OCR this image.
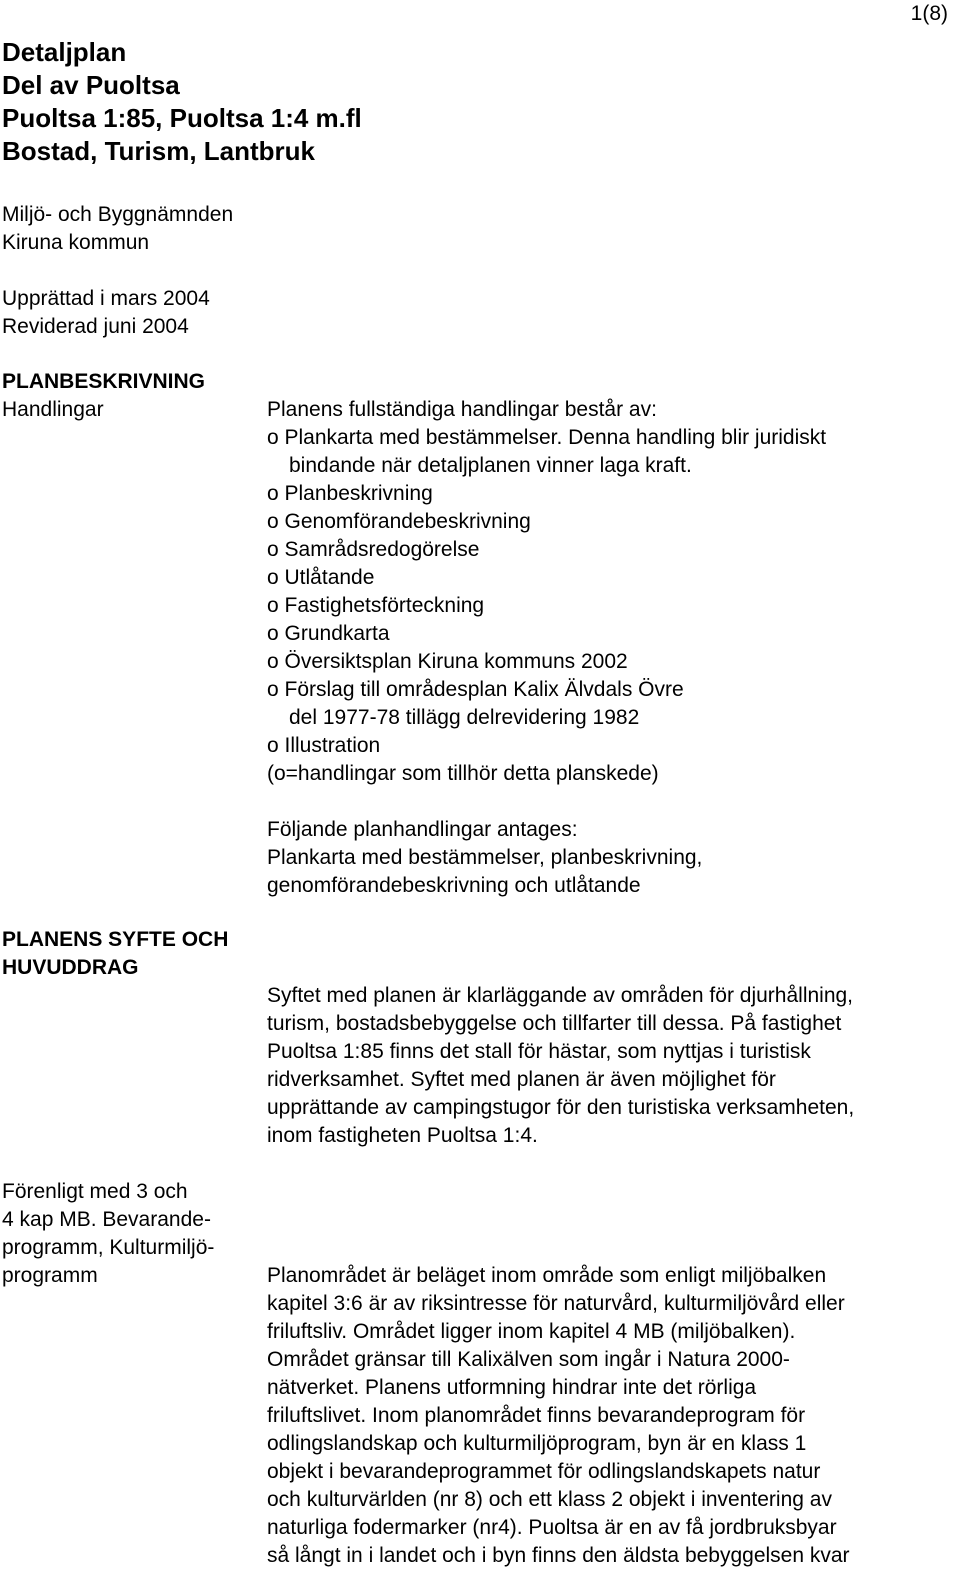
1(8)
Detaljplan
Del av Puoltsa
Puoltsa 1:85, Puoltsa 1:4 m.fl
Bostad, Turism, Lantbruk
Miljö- och Byggnämnden
Kiruna kommun
Upprättad i mars 2004
Reviderad juni 2004
PLANBESKRIVNING
Handlingar	Planens fullständiga handlingar består av:
o Plankarta med bestämmelser. Denna handling blir juridiskt
bindande när detaljplanen vinner laga kraft.
o Planbeskrivning
o Genomförandebeskrivning
o Samrådsredogörelse
o Utlåtande
o Fastighetsförteckning
o Grundkarta
o Översiktsplan Kiruna kommuns 2002
o Förslag till områdesplan Kalix Älvdals Övre
del 1977-78 tillägg delrevidering 1982
o Illustration
(o=handlingar som tillhör detta planskede)
Följande planhandlingar antages:
Plankarta med bestämmelser, planbeskrivning,
genomförandebeskrivning och utlåtande
PLANENS SYFTE OCH
HUVUDDRAG
Syftet med planen är klarläggande av områden för djurhållning,
turism, bostadsbebyggelse och tillfarter till dessa. På fastighet
Puoltsa 1:85 finns det stall för hästar, som nyttjas i turistisk
ridverksamhet. Syftet med planen är även möjlighet för
upprättande av campingstugor för den turistiska verksamheten,
inom fastigheten Puoltsa 1:4.
Förenligt med 3 och
4 kap MB. Bevarande-
programm, Kulturmiljö-
programm	Planområdet är beläget inom område som enligt miljöbalken
kapitel 3:6 är av riksintresse för naturvård, kulturmiljövård eller
friluftsliv. Området ligger inom kapitel 4 MB (miljöbalken).
Området gränsar till Kalixälven som ingår i Natura 2000-
nätverket. Planens utformning hindrar inte det rörliga
friluftslivet. Inom planområdet finns bevarandeprogram för
odlingslandskap och kulturmiljöprogram, byn är en klass 1
objekt i bevarandeprogrammet för odlingslandskapets natur
och kulturvärlden (nr 8) och ett klass 2 objekt i inventering av
naturliga fodermarker (nr4). Puoltsa är en av få jordbruksbyar
så långt in i landet och i byn finns den äldsta bebyggelsen kvar
